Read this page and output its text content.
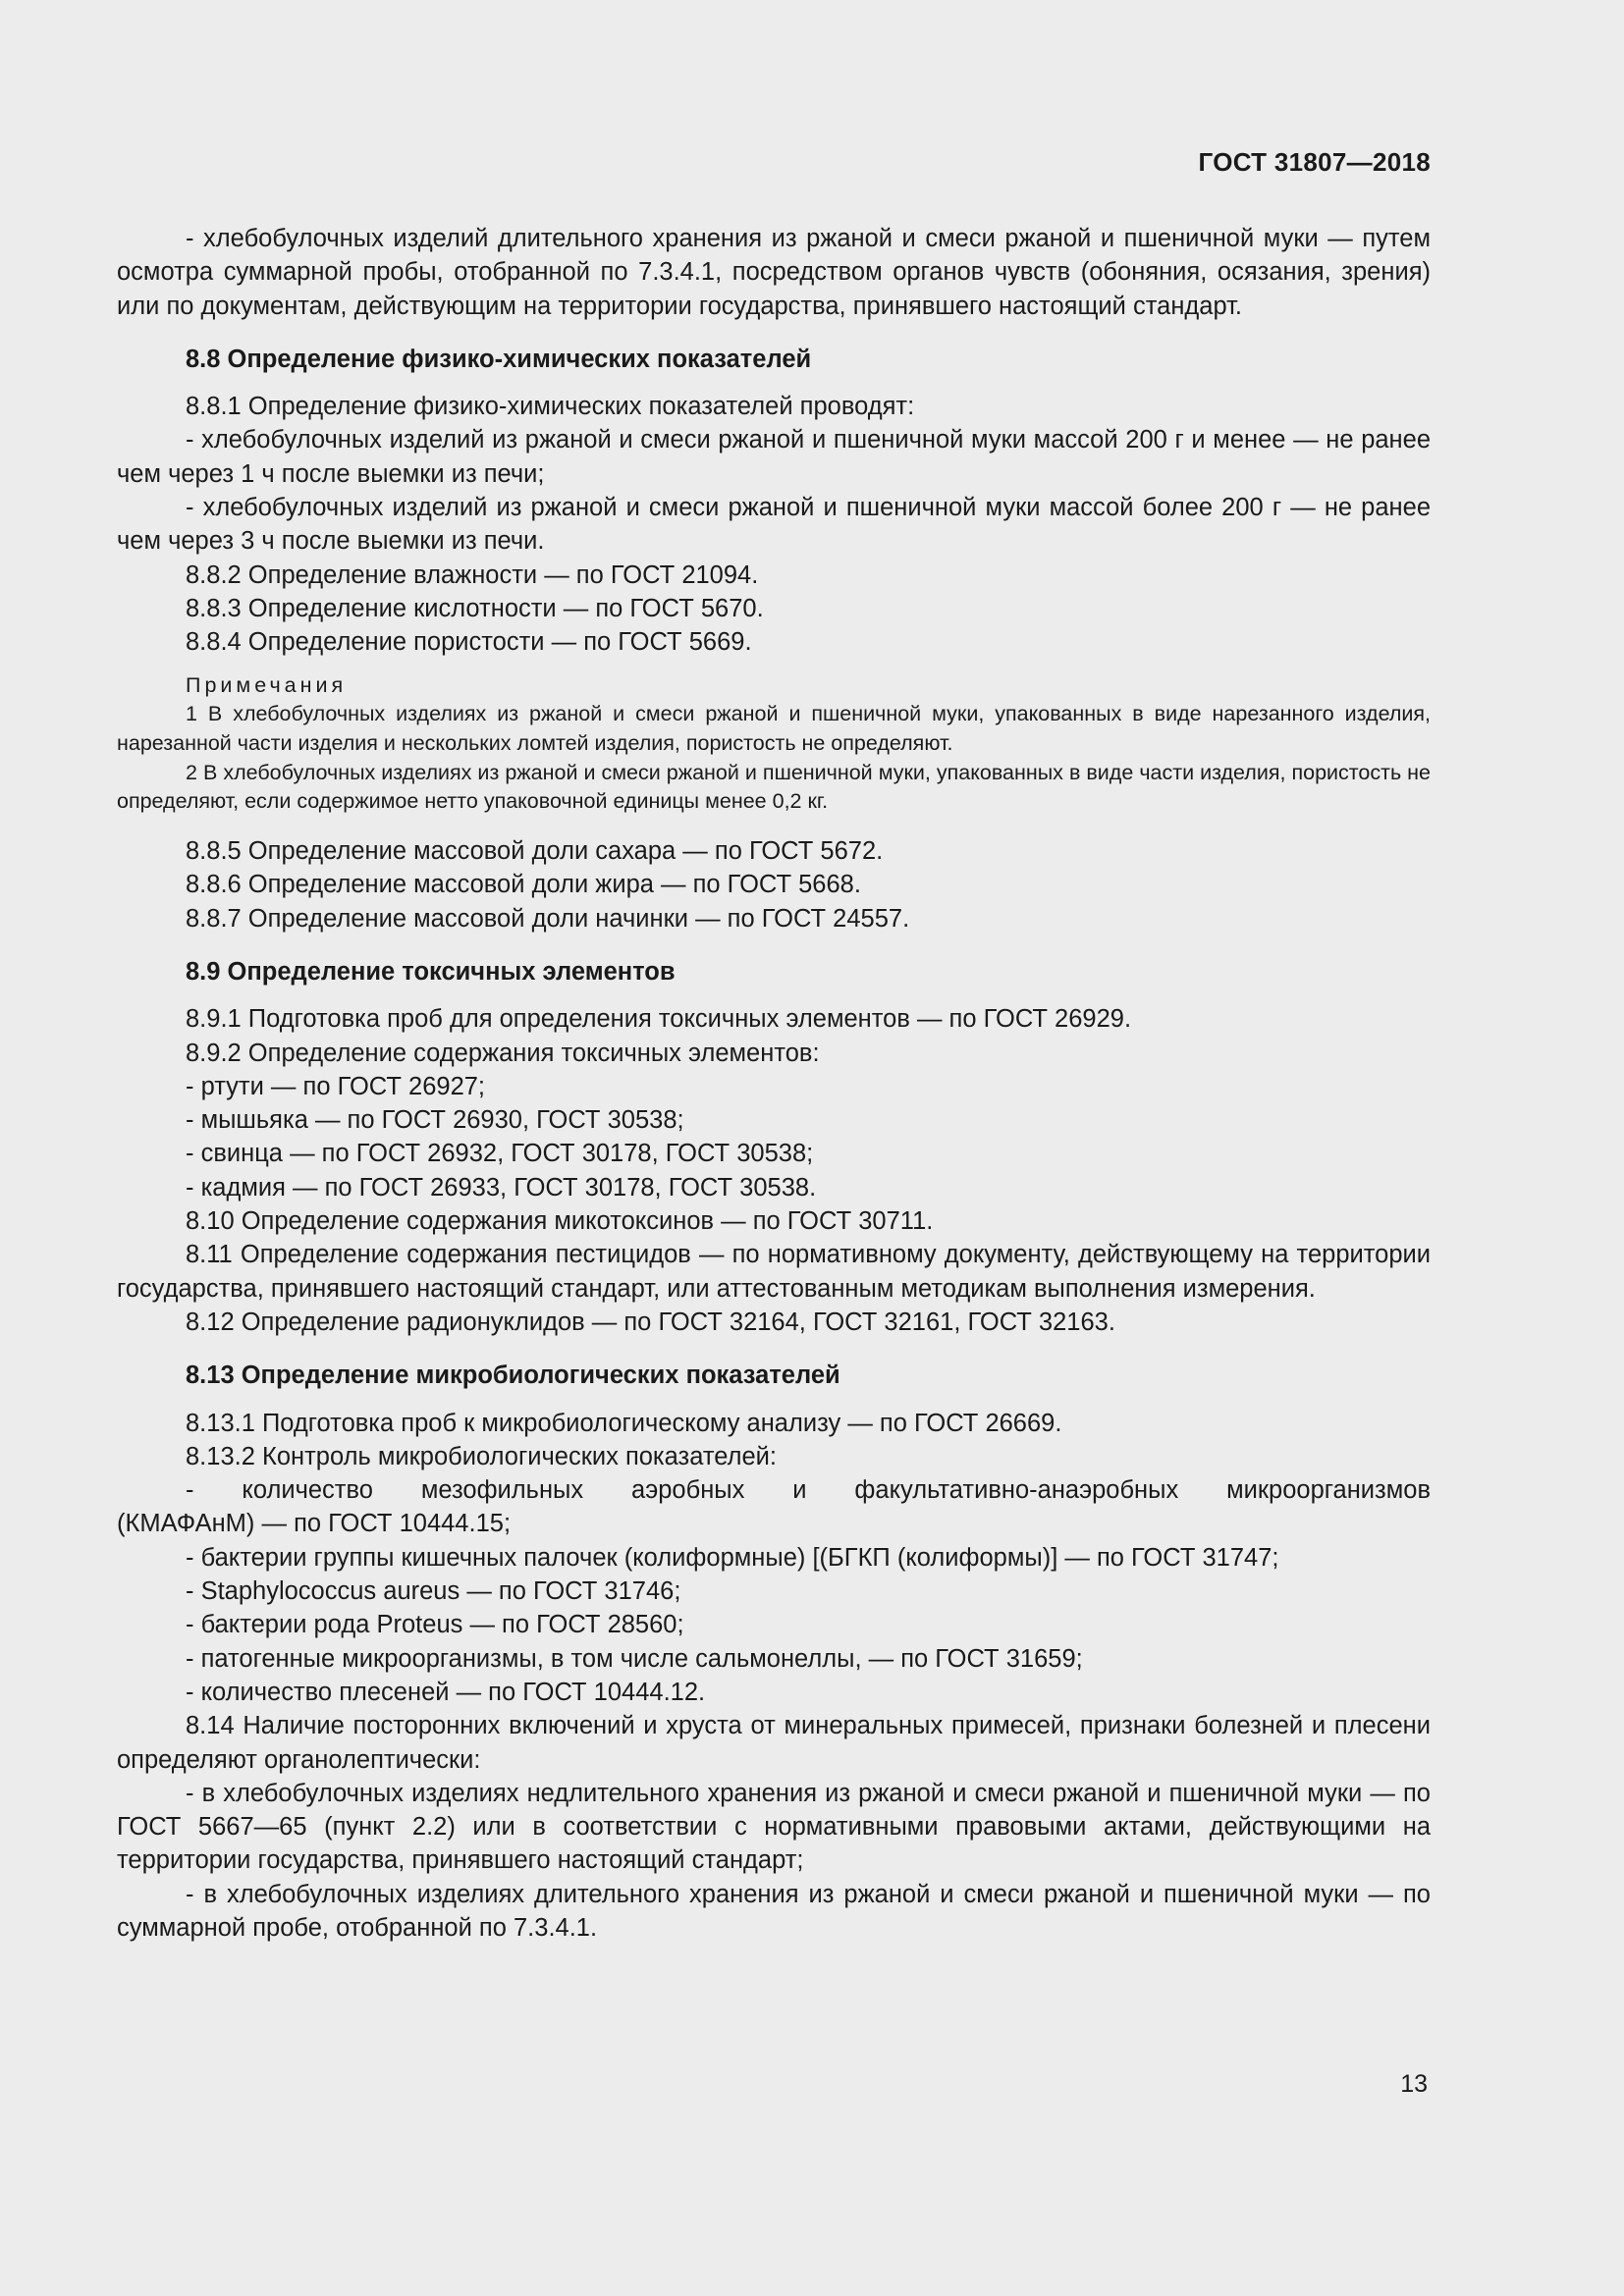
ГОСТ 31807—2018

- хлебобулочных изделий длительного хранения из ржаной и смеси ржаной и пшеничной муки — путем осмотра суммарной пробы, отобранной по 7.3.4.1, посредством органов чувств (обоняния, осязания, зрения) или по документам, действующим на территории государства, принявшего настоящий стандарт.

8.8 Определение физико-химических показателей

8.8.1 Определение физико-химических показателей проводят:

- хлебобулочных изделий из ржаной и смеси ржаной и пшеничной муки массой 200 г и менее — не ранее чем через 1 ч после выемки из печи;

- хлебобулочных изделий из ржаной и смеси ржаной и пшеничной муки массой более 200 г — не ранее чем через 3 ч после выемки из печи.

8.8.2 Определение влажности — по ГОСТ 21094.

8.8.3 Определение кислотности — по ГОСТ 5670.

8.8.4 Определение пористости — по ГОСТ 5669.

Примечания

1 В хлебобулочных изделиях из ржаной и смеси ржаной и пшеничной муки, упакованных в виде нарезанного изделия, нарезанной части изделия и нескольких ломтей изделия, пористость не определяют.

2 В хлебобулочных изделиях из ржаной и смеси ржаной и пшеничной муки, упакованных в виде части изделия, пористость не определяют, если содержимое нетто упаковочной единицы менее 0,2 кг.

8.8.5 Определение массовой доли сахара — по ГОСТ 5672.

8.8.6 Определение массовой доли жира — по ГОСТ 5668.

8.8.7 Определение массовой доли начинки — по ГОСТ 24557.

8.9 Определение токсичных элементов

8.9.1 Подготовка проб для определения токсичных элементов — по ГОСТ 26929.

8.9.2 Определение содержания токсичных элементов:

- ртути — по ГОСТ 26927;

- мышьяка — по ГОСТ 26930, ГОСТ 30538;

- свинца — по ГОСТ 26932, ГОСТ 30178, ГОСТ 30538;

- кадмия — по ГОСТ 26933, ГОСТ 30178, ГОСТ 30538.

8.10 Определение содержания микотоксинов — по ГОСТ 30711.

8.11 Определение содержания пестицидов — по нормативному документу, действующему на территории государства, принявшего настоящий стандарт, или аттестованным методикам выполнения измерения.

8.12 Определение радионуклидов — по ГОСТ 32164, ГОСТ 32161, ГОСТ 32163.

8.13 Определение микробиологических показателей

8.13.1 Подготовка проб к микробиологическому анализу — по ГОСТ 26669.

8.13.2 Контроль микробиологических показателей:

- количество мезофильных аэробных и факультативно-анаэробных микроорганизмов

(КМАФАнМ) — по ГОСТ 10444.15;

- бактерии группы кишечных палочек (колиформные) [(БГКП (колиформы)] — по ГОСТ 31747;

- Staphylococcus aureus — по ГОСТ 31746;

- бактерии рода Proteus — по ГОСТ 28560;

- патогенные микроорганизмы, в том числе сальмонеллы, — по ГОСТ 31659;

- количество плесеней — по ГОСТ 10444.12.

8.14 Наличие посторонних включений и хруста от минеральных примесей, признаки болезней и плесени определяют органолептически:

- в хлебобулочных изделиях недлительного хранения из ржаной и смеси ржаной и пшеничной муки — по ГОСТ 5667—65 (пункт 2.2) или в соответствии с нормативными правовыми актами, действующими на территории государства, принявшего настоящий стандарт;

- в хлебобулочных изделиях длительного хранения из ржаной и смеси ржаной и пшеничной муки — по суммарной пробе, отобранной по 7.3.4.1.

13
